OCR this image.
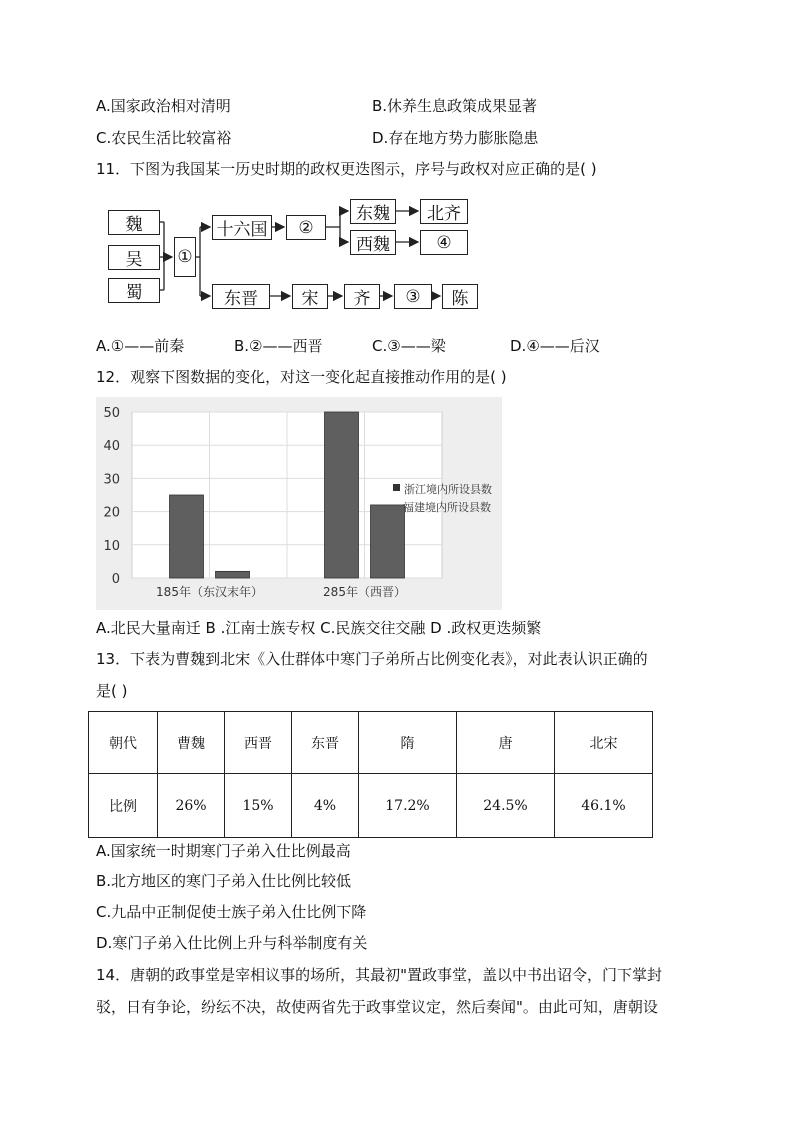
A.国家政治相对清明	B.休养生息政策成果显著
C.农民生活比较富裕	D.存在地方势力膨胀隐患
11．下图为我国某一历史时期的政权更迭图示，序号与政权对应正确的是( )
魏
吴
蜀
①
十六国	②
东魏	北齐
西魏	④
东晋	宋	齐	③	陈
A.①——前秦	B.②——西晋	C.③——梁	D.④——后汉
12．观察下图数据的变化，对这一变化起直接推动作用的是( )
0
10
20
30
40
50
185年（东汉末年）	285年（西晋）
浙江境内所设县数
福建境内所设县数
A.北民大量南迁 B .江南士族专权 C.民族交往交融 D .政权更迭频繁
13．下表为曹魏到北宋《入仕群体中寒门子弟所占比例变化表》，对此表认识正确的
是( )
朝代	曹魏	西晋	东晋	隋	唐	北宋
比例	26%	15%	4%	17.2%	24.5%	46.1%
A.国家统一时期寒门子弟入仕比例最高
B.北方地区的寒门子弟入仕比例比较低
C.九品中正制促使士族子弟入仕比例下降
D.寒门子弟入仕比例上升与科举制度有关
14．唐朝的政事堂是宰相议事的场所，其最初"置政事堂，盖以中书出诏令，门下掌封
驳，日有争论，纷纭不决，故使两省先于政事堂议定，然后奏闻"。由此可知，唐朝设
